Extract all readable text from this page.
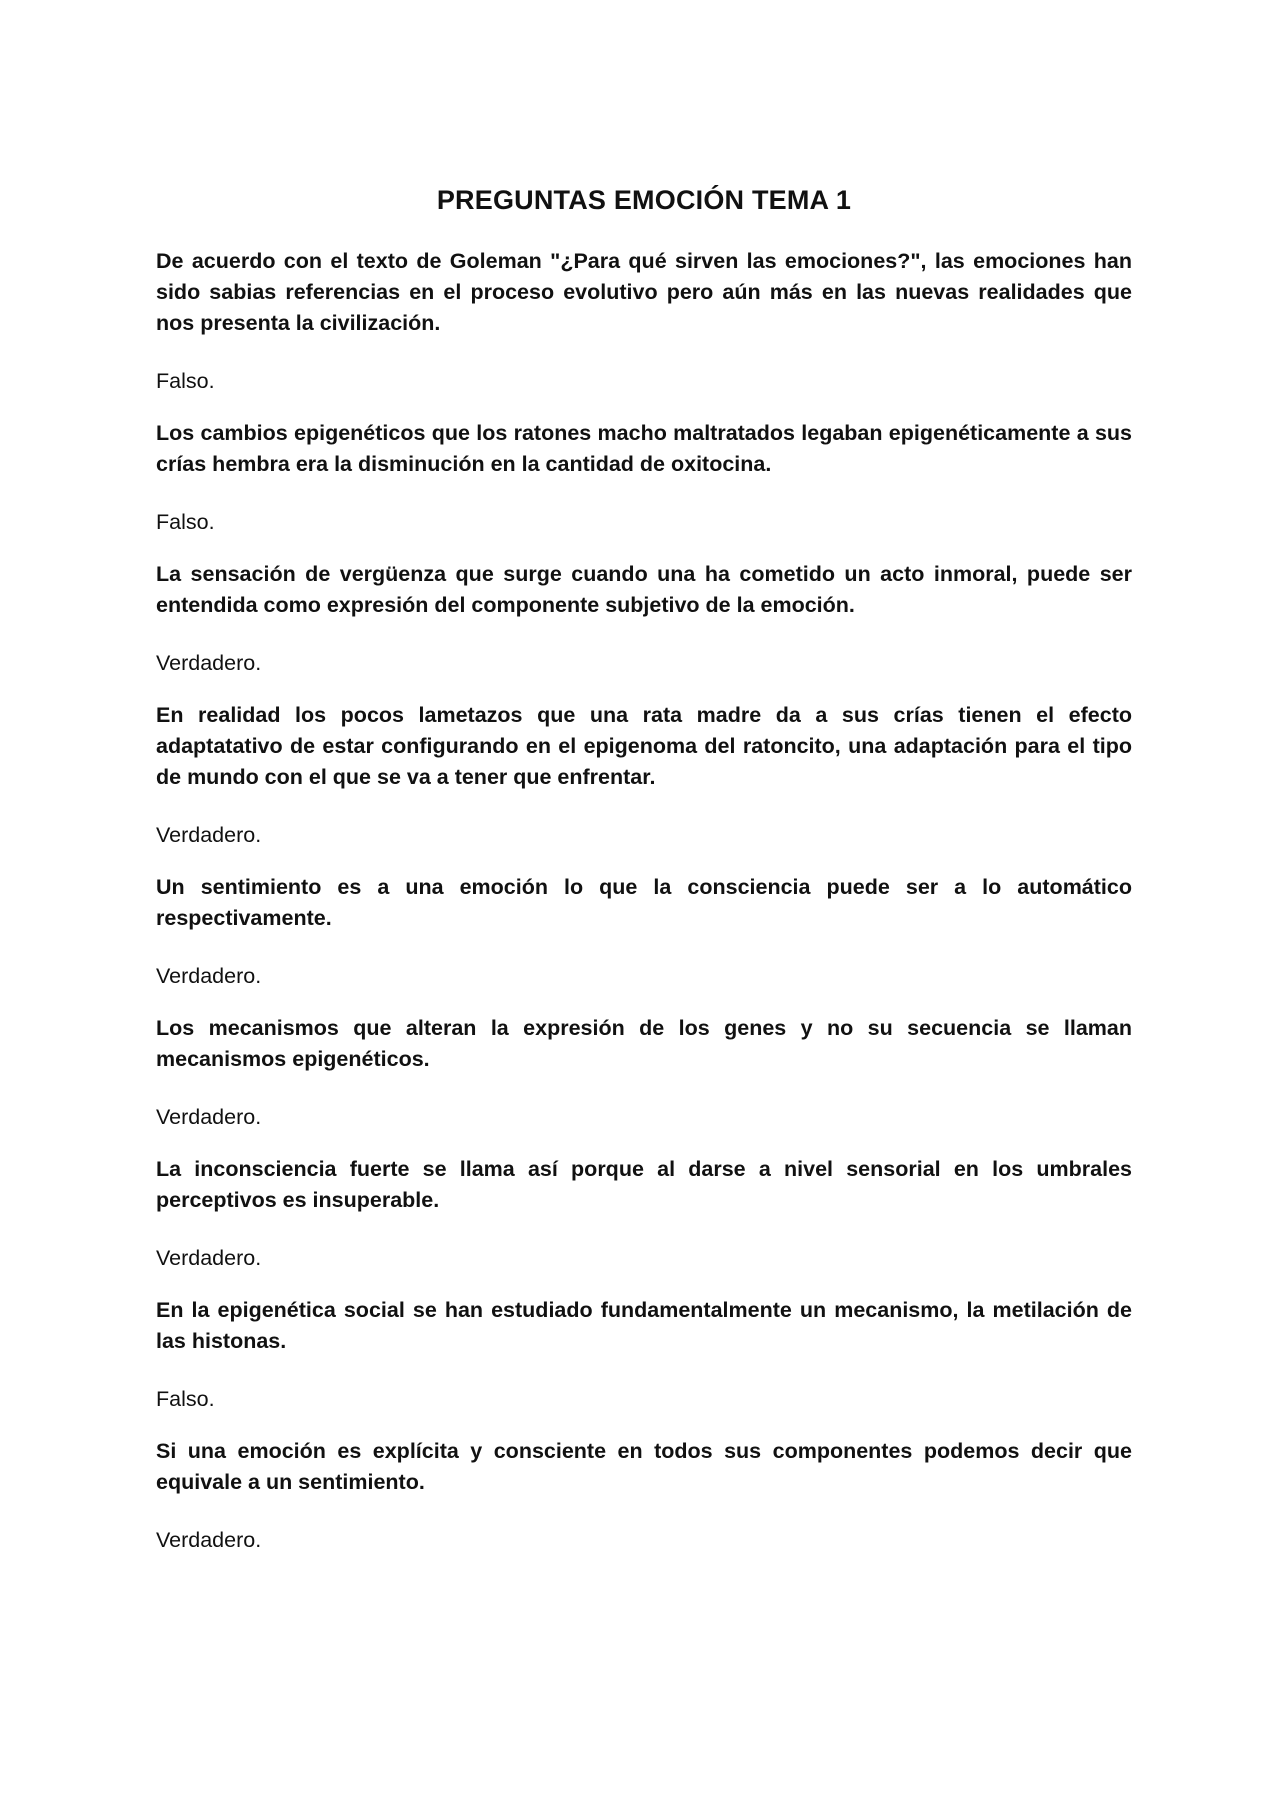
PREGUNTAS EMOCIÓN TEMA 1

De acuerdo con el texto de Goleman "¿Para qué sirven las emociones?", las emociones han sido sabias referencias en el proceso evolutivo pero aún más en las nuevas realidades que nos presenta la civilización.

Falso.

Los cambios epigenéticos que los ratones macho maltratados legaban epigenéticamente a sus crías hembra era la disminución en la cantidad de oxitocina.

Falso.

La sensación de vergüenza que surge cuando una ha cometido un acto inmoral, puede ser entendida como expresión del componente subjetivo de la emoción.

Verdadero.

En realidad los pocos lametazos que una rata madre da a sus crías tienen el efecto adaptatativo de estar configurando en el epigenoma del ratoncito, una adaptación para el tipo de mundo con el que se va a tener que enfrentar.

Verdadero.

Un sentimiento es a una emoción lo que la consciencia puede ser a lo automático respectivamente.

Verdadero.

Los mecanismos que alteran la expresión de los genes y no su secuencia se llaman mecanismos epigenéticos.

Verdadero.

La inconsciencia fuerte se llama así porque al darse a nivel sensorial en los umbrales perceptivos es insuperable.

Verdadero.

En la epigenética social se han estudiado fundamentalmente un mecanismo, la metilación de las histonas.

Falso.

Si una emoción es explícita y consciente en todos sus componentes podemos decir que equivale a un sentimiento.

Verdadero.
